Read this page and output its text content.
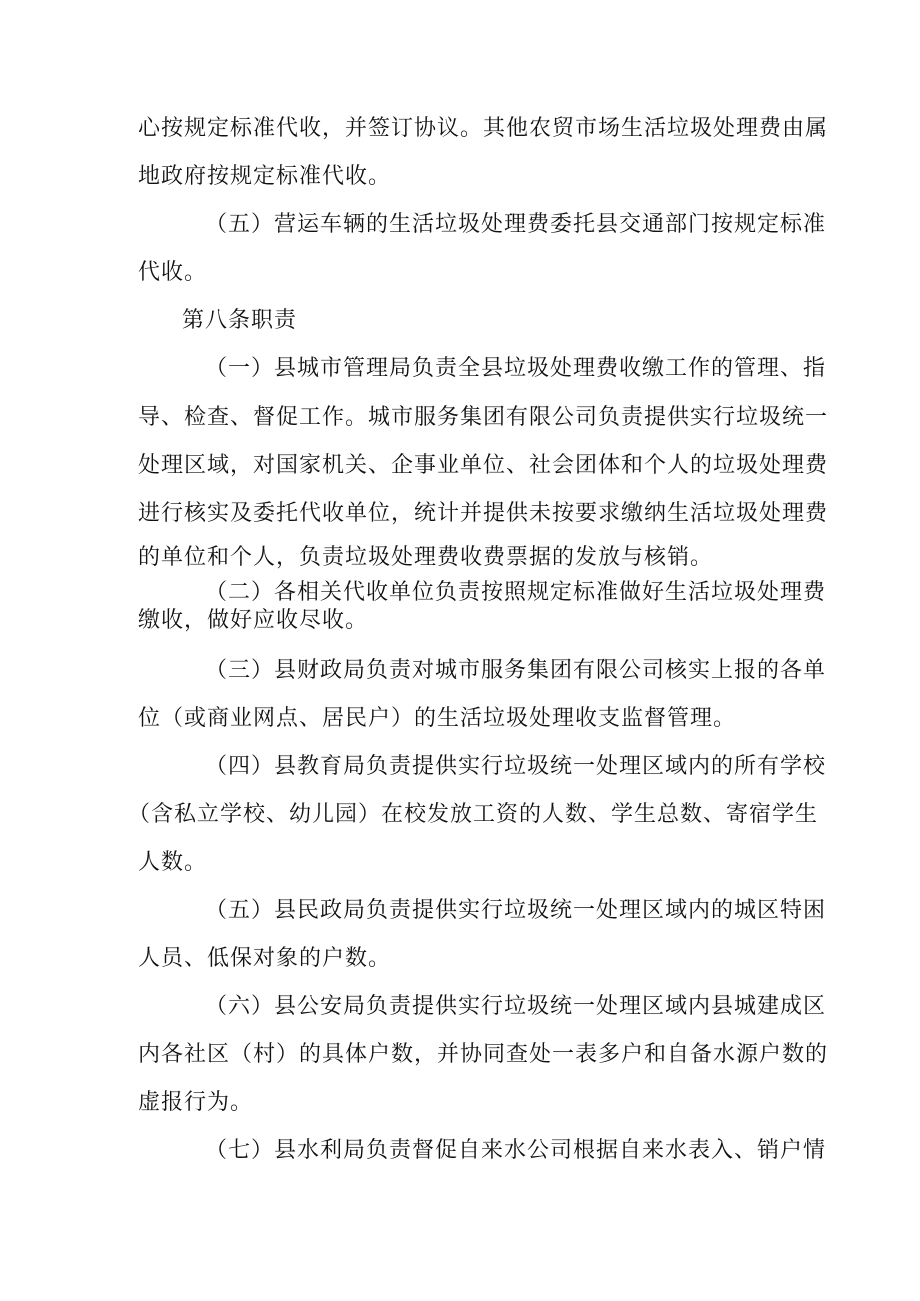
心按规定标准代收，并签订协议。其他农贸市场生活垃圾处理费由属
地政府按规定标准代收。
（五）营运车辆的生活垃圾处理费委托县交通部门按规定标准
代收。
第八条职责
（一）县城市管理局负责全县垃圾处理费收缴工作的管理、指
导、检查、督促工作。城市服务集团有限公司负责提供实行垃圾统一
处理区域，对国家机关、企事业单位、社会团体和个人的垃圾处理费
进行核实及委托代收单位，统计并提供未按要求缴纳生活垃圾处理费
的单位和个人，负责垃圾处理费收费票据的发放与核销。
（二）各相关代收单位负责按照规定标准做好生活垃圾处理费
缴收，做好应收尽收。
（三）县财政局负责对城市服务集团有限公司核实上报的各单
位（或商业网点、居民户）的生活垃圾处理收支监督管理。
（四）县教育局负责提供实行垃圾统一处理区域内的所有学校
（含私立学校、幼儿园）在校发放工资的人数、学生总数、寄宿学生
人数。
（五）县民政局负责提供实行垃圾统一处理区域内的城区特困
人员、低保对象的户数。
（六）县公安局负责提供实行垃圾统一处理区域内县城建成区
内各社区（村）的具体户数，并协同查处一表多户和自备水源户数的
虚报行为。
（七）县水利局负责督促自来水公司根据自来水表入、销户情
